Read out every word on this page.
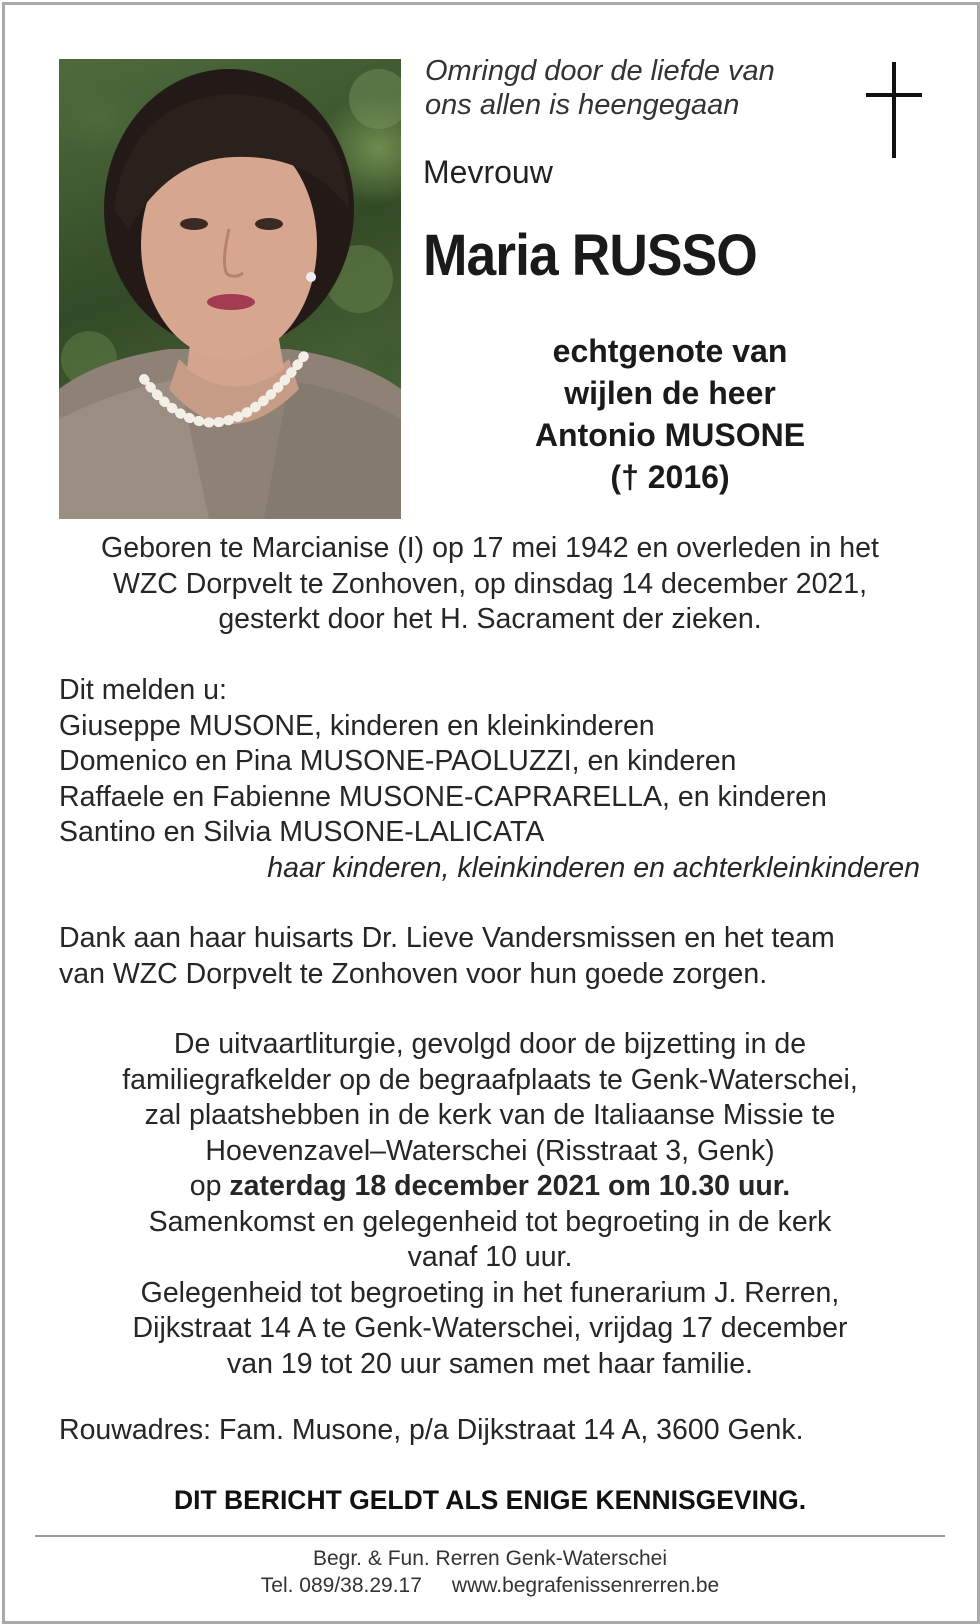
Omringd door de liefde van
ons allen is heengegaan
Mevrouw
Maria RUSSO
echtgenote van
wijlen de heer
Antonio MUSONE
(† 2016)
Geboren te Marcianise (I) op 17 mei 1942 en overleden in het
WZC Dorpvelt te Zonhoven, op dinsdag 14 december 2021,
gesterkt door het H. Sacrament der zieken.
Dit melden u:
Giuseppe MUSONE, kinderen en kleinkinderen
Domenico en Pina MUSONE-PAOLUZZI, en kinderen
Raffaele en Fabienne MUSONE-CAPRARELLA, en kinderen
Santino en Silvia MUSONE-LALICATA
haar kinderen, kleinkinderen en achterkleinkinderen
Dank aan haar huisarts Dr. Lieve Vandersmissen en het team
van WZC Dorpvelt te Zonhoven voor hun goede zorgen.
De uitvaartliturgie, gevolgd door de bijzetting in de
familiegrafkelder op de begraafplaats te Genk-Waterschei,
zal plaatshebben in de kerk van de Italiaanse Missie te
Hoevenzavel–Waterschei (Risstraat 3, Genk)
op zaterdag 18 december 2021 om 10.30 uur.
Samenkomst en gelegenheid tot begroeting in de kerk
vanaf 10 uur.
Gelegenheid tot begroeting in het funerarium J. Rerren,
Dijkstraat 14 A te Genk-Waterschei, vrijdag 17 december
van 19 tot 20 uur samen met haar familie.
Rouwadres: Fam. Musone, p/a Dijkstraat 14 A, 3600 Genk.
DIT BERICHT GELDT ALS ENIGE KENNISGEVING.
Begr. & Fun. Rerren Genk-Waterschei
Tel. 089/38.29.17 www.begrafenissenrerren.be
